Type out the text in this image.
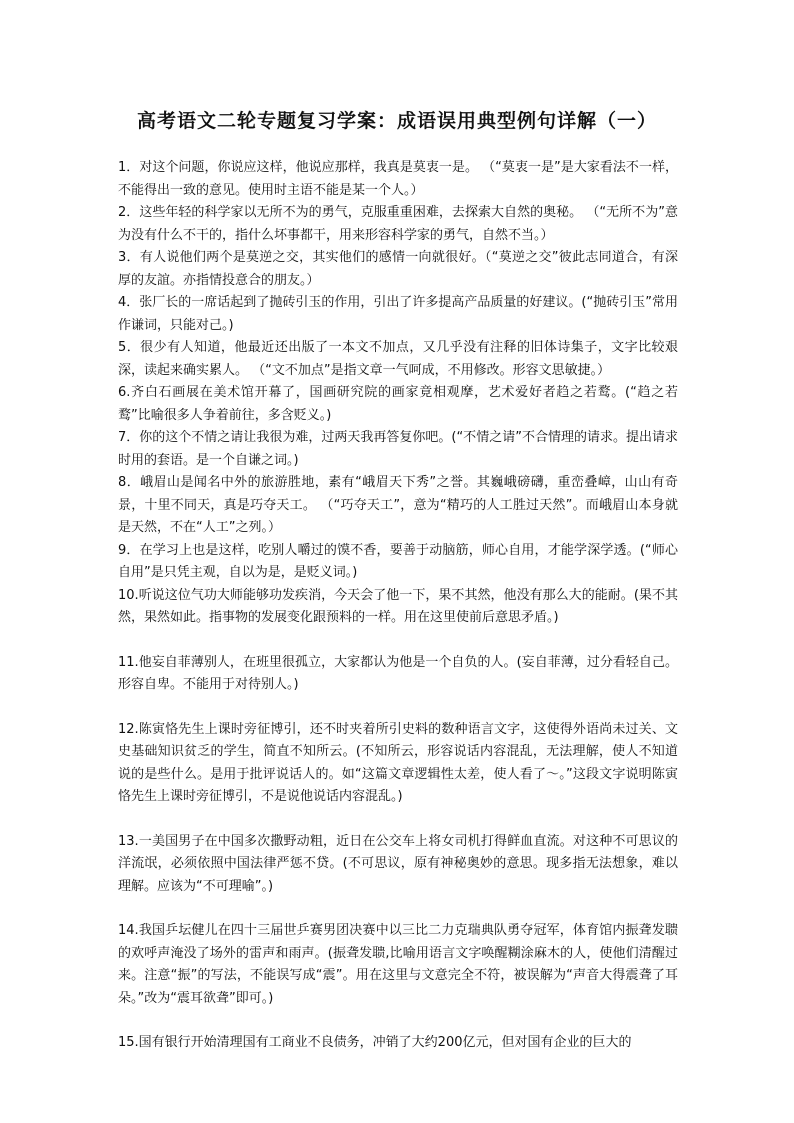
高考语文二轮专题复习学案：成语误用典型例句详解（一）

1．对这个问题，你说应这样，他说应那样，我真是莫衷一是。 （“莫衷一是”是大家看法不一样，不能得出一致的意见。使用时主语不能是某一个人。）

2．这些年轻的科学家以无所不为的勇气，克服重重困难，去探索大自然的奥秘。 （“无所不为”意为没有什么不干的，指什么坏事都干，用来形容科学家的勇气，自然不当。）

3．有人说他们两个是莫逆之交，其实他们的感情一向就很好。（“莫逆之交”彼此志同道合，有深厚的友誼。亦指情投意合的朋友。）

4．张厂长的一席话起到了抛砖引玉的作用，引出了许多提高产品质量的好建议。(“抛砖引玉”常用作谦词，只能对己。)

5．很少有人知道，他最近还出版了一本文不加点，又几乎没有注释的旧体诗集子，文字比较艰深，读起来确实累人。 （“文不加点”是指文章一气呵成，不用修改。形容文思敏捷。）

6.齐白石画展在美术馆开幕了，国画研究院的画家竟相观摩，艺术爱好者趋之若鹜。(“趋之若鹜”比喻很多人争着前往，多含贬义。)

7．你的这个不情之请让我很为难，过两天我再答复你吧。(“不情之请”不合情理的请求。提出请求时用的套语。是一个自谦之词。)

8．峨眉山是闻名中外的旅游胜地，素有“峨眉天下秀”之誉。其巍峨磅礴，重峦叠嶂，山山有奇景，十里不同天，真是巧夺天工。 （“巧夺天工”，意为“精巧的人工胜过天然”。而峨眉山本身就是天然，不在“人工”之列。）

9．在学习上也是这样，吃别人嚼过的馍不香，要善于动脑筋，师心自用，才能学深学透。(“师心自用”是只凭主观，自以为是，是贬义词。)

10.听说这位气功大师能够功发疾消，今天会了他一下，果不其然，他没有那么大的能耐。(果不其然，果然如此。指事物的发展变化跟预料的一样。用在这里使前后意思矛盾。)

11.他妄自菲薄别人，在班里很孤立，大家都认为他是一个自负的人。(妄自菲薄，过分看轻自己。形容自卑。不能用于对待别人。)

12.陈寅恪先生上课时旁征博引，还不时夹着所引史料的数种语言文字，这使得外语尚未过关、文史基础知识贫乏的学生，简直不知所云。(不知所云，形容说话内容混乱，无法理解，使人不知道说的是些什么。是用于批评说话人的。如“这篇文章逻辑性太差，使人看了～。”这段文字说明陈寅恪先生上课时旁征博引，不是说他说话内容混乱。)

13.一美国男子在中国多次撒野动粗，近日在公交车上将女司机打得鲜血直流。对这种不可思议的洋流氓，必须依照中国法律严惩不贷。(不可思议，原有神秘奥妙的意思。现多指无法想象，难以理解。应该为“不可理喻”。)

14.我国乒坛健儿在四十三届世乒赛男团决赛中以三比二力克瑞典队勇夺冠军，体育馆内振聋发聩的欢呼声淹没了场外的雷声和雨声。(振聋发聩,比喻用语言文字唤醒糊涂麻木的人，使他们清醒过来。注意“振”的写法，不能误写成“震”。用在这里与文意完全不符，被误解为“声音大得震聋了耳朵。”改为“震耳欲聋”即可。)

15.国有银行开始清理国有工商业不良债务，冲销了大约200亿元，但对国有企业的巨大的
